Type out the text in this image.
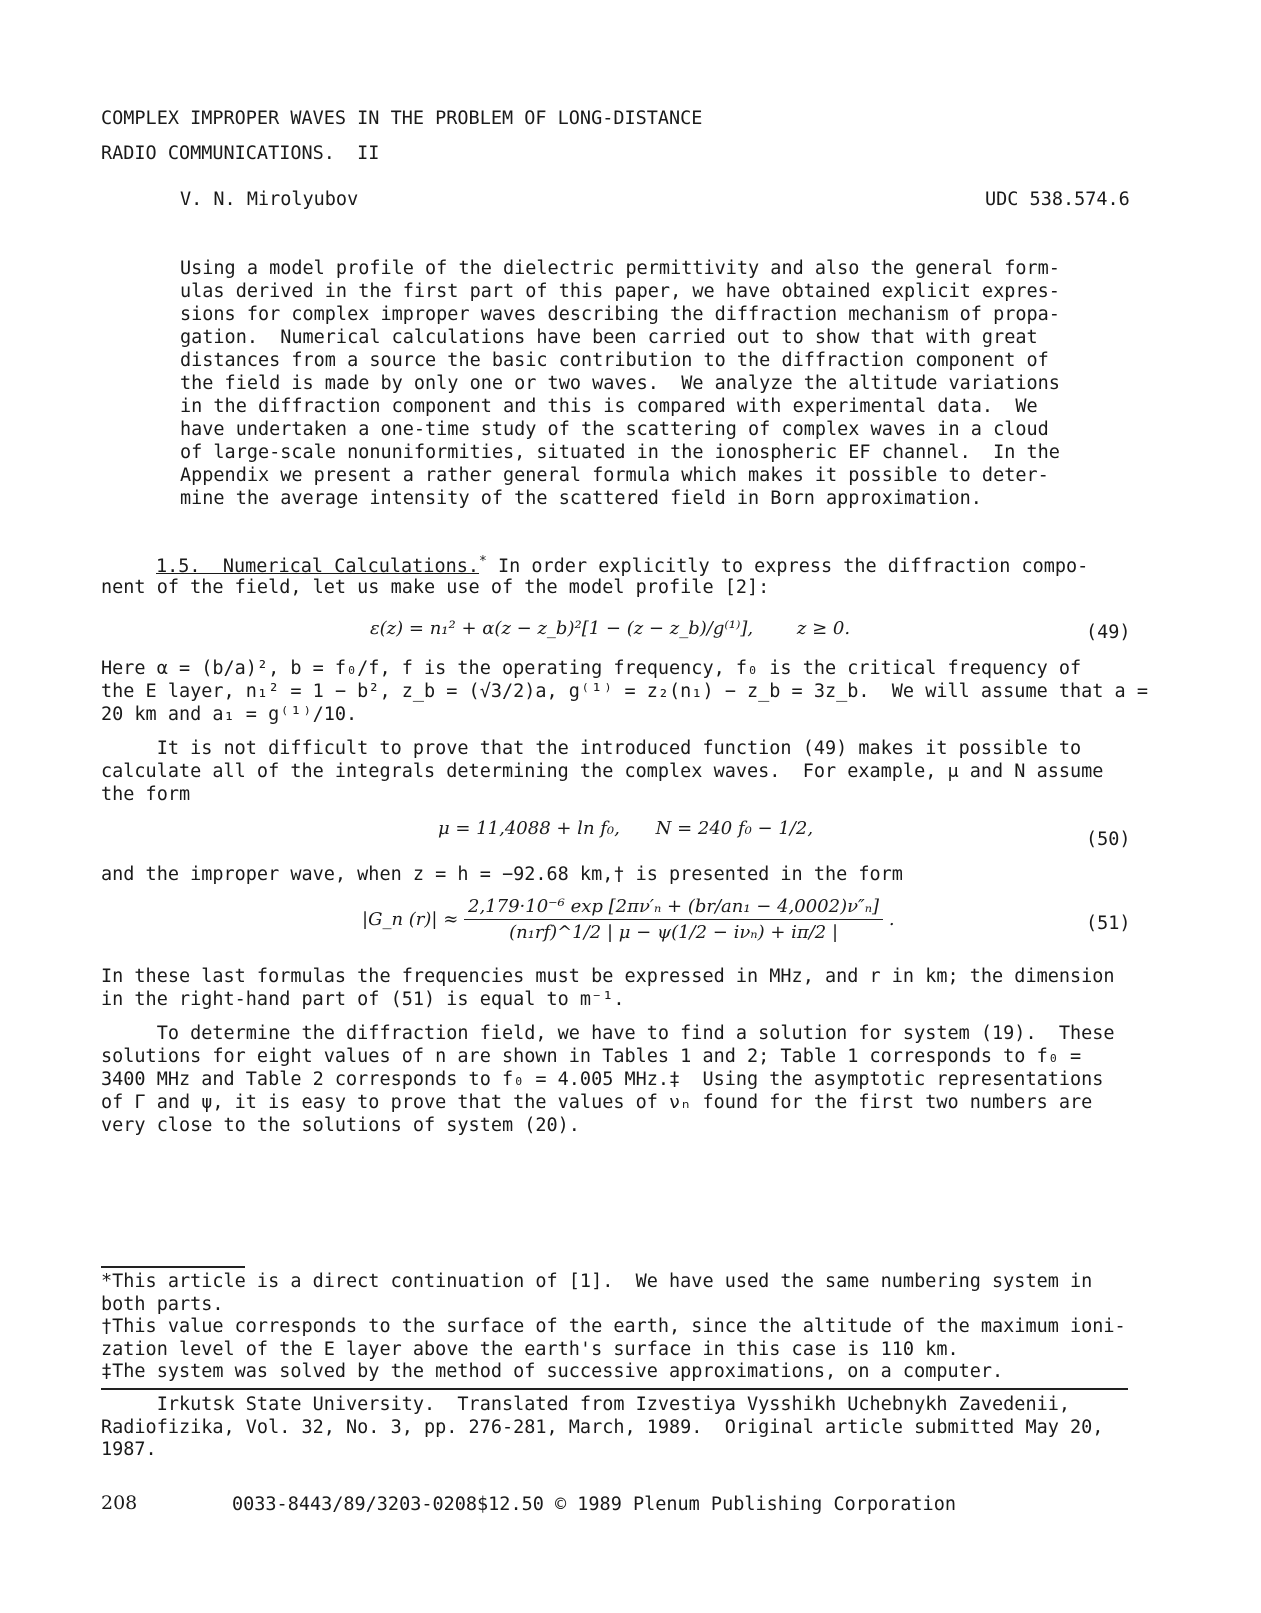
COMPLEX IMPROPER WAVES IN THE PROBLEM OF LONG-DISTANCE
RADIO COMMUNICATIONS.  II
V. N. Mirolyubov	UDC 538.574.6

Using a model profile of the dielectric permittivity and also the general form-
ulas derived in the first part of this paper, we have obtained explicit expres-
sions for complex improper waves describing the diffraction mechanism of propa-
gation.  Numerical calculations have been carried out to show that with great
distances from a source the basic contribution to the diffraction component of
the field is made by only one or two waves.  We analyze the altitude variations
in the diffraction component and this is compared with experimental data.  We
have undertaken a one-time study of the scattering of complex waves in a cloud
of large-scale nonuniformities, situated in the ionospheric EF channel.  In the
Appendix we present a rather general formula which makes it possible to deter-
mine the average intensity of the scattered field in Born approximation.

1.5.  Numerical Calculations.* In order explicitly to express the diffraction compo-
nent of the field, let us make use of the model profile [2]:
ε(z) = n₁² + α(z − z_b)²[1 − (z − z_b)/g⁽¹⁾], z ≥ 0.	(49)

Here α = (b/a)², b = f₀/f, f is the operating frequency, f₀ is the critical frequency of
the E layer, n₁² = 1 − b², z_b = (√3/2)a, g⁽¹⁾ = z₂(n₁) − z_b = 3z_b.  We will assume that a =
20 km and a₁ = g⁽¹⁾/10.

It is not difficult to prove that the introduced function (49) makes it possible to
calculate all of the integrals determining the complex waves.  For example, μ and N assume
the form

μ = 11,4088 + ln f₀, N = 240 f₀ − 1/2,
(50)
and the improper wave, when z = h = −92.68 km,† is presented in the form
|G_n $(r)| \approx \frac{\text{2,179·10⁻⁶ exp [2πν′ₙ + (br/an₁ − 4,0002)ν″ₙ]}}{\text{(n₁rf)\textasciicircum{}1/2 | μ − ψ(1/2 − iνₙ) + iπ/2 |}}$ .	(51)

In these last formulas the frequencies must be expressed in MHz, and r in km; the dimension
in the right-hand part of (51) is equal to m⁻¹.

To determine the diffraction field, we have to find a solution for system (19).  These
solutions for eight values of n are shown in Tables 1 and 2; Table 1 corresponds to f₀ =
3400 MHz and Table 2 corresponds to f₀ = 4.005 MHz.‡  Using the asymptotic representations
of Γ and ψ, it is easy to prove that the values of νₙ found for the first two numbers are
very close to the solutions of system (20).

*This article is a direct continuation of [1].  We have used the same numbering system in
both parts.
†This value corresponds to the surface of the earth, since the altitude of the maximum ioni-
zation level of the E layer above the earth's surface in this case is 110 km.
‡The system was solved by the method of successive approximations, on a computer.

Irkutsk State University.  Translated from Izvestiya Vysshikh Uchebnykh Zavedenii,
Radiofizika, Vol. 32, No. 3, pp. 276-281, March, 1989.  Original article submitted May 20,
1987.

208	0033-8443/89/3203-0208$12.50 © 1989 Plenum Publishing Corporation
